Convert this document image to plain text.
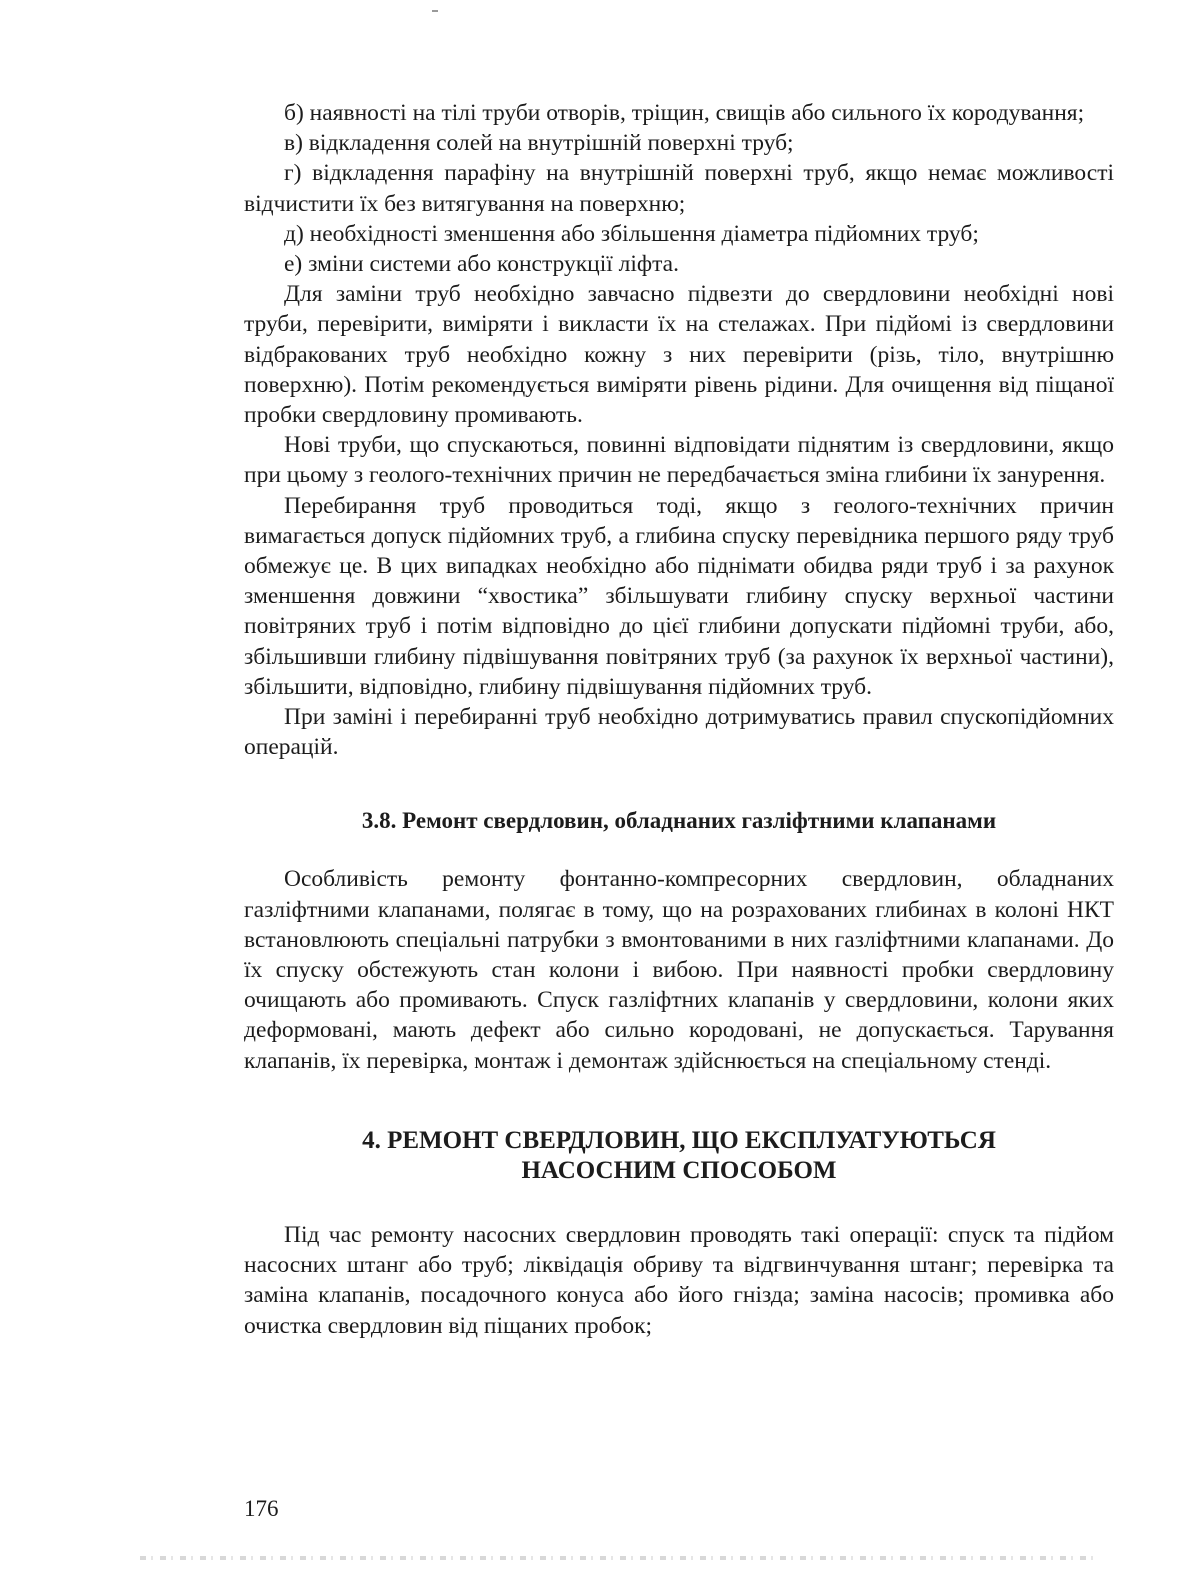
б) наявності на тілі труби отворів, тріщин, свищів або сильного їх кородування;

в) відкладення солей на внутрішній поверхні труб;

г) відкладення парафіну на внутрішній поверхні труб, якщо немає можливості відчистити їх без витягування на поверхню;

д) необхідності зменшення або збільшення діаметра підйомних труб;

е) зміни системи або конструкції ліфта.

Для заміни труб необхідно завчасно підвезти до свердловини необхідні нові труби, перевірити, виміряти і викласти їх на стелажах. При підйомі із свердловини відбракованих труб необхідно кожну з них перевірити (різь, тіло, внутрішню поверхню). Потім рекомендується виміряти рівень рідини. Для очищення від піщаної пробки свердловину промивають.

Нові труби, що спускаються, повинні відповідати піднятим із свердловини, якщо при цьому з геолого-технічних причин не передбачається зміна глибини їх занурення.

Перебирання труб проводиться тоді, якщо з геолого-технічних причин вимагається допуск підйомних труб, а глибина спуску перевідника першого ряду труб обмежує це. В цих випадках необхідно або піднімати обидва ряди труб і за рахунок зменшення довжини “хвостика” збільшувати глибину спуску верхньої частини повітряних труб і потім відповідно до цієї глибини допускати підйомні труби, або, збільшивши глибину підвішування повітряних труб (за рахунок їх верхньої частини), збільшити, відповідно, глибину підвішування підйомних труб.

При заміні і перебиранні труб необхідно дотримуватись правил спускопідйомних операцій.

3.8. Ремонт свердловин, обладнаних газліфтними клапанами

Особливість ремонту фонтанно-компресорних свердловин, обладнаних газліфтними клапанами, полягає в тому, що на розрахованих глибинах в колоні НКТ встановлюють спеціальні патрубки з вмонтованими в них газліфтними клапанами. До їх спуску обстежують стан колони і вибою. При наявності пробки свердловину очищають або промивають. Спуск газліфтних клапанів у свердловини, колони яких деформовані, мають дефект або сильно кородовані, не допускається. Тарування клапанів, їх перевірка, монтаж і демонтаж здійснюється на спеціальному стенді.

4. РЕМОНТ СВЕРДЛОВИН, ЩО ЕКСПЛУАТУЮТЬСЯ
НАСОСНИМ СПОСОБОМ

Під час ремонту насосних свердловин проводять такі операції: спуск та підйом насосних штанг або труб; ліквідація обриву та відгвинчування штанг; перевірка та заміна клапанів, посадочного конуса або його гнізда; заміна насосів; промивка або очистка свердловин від піщаних пробок;

176
